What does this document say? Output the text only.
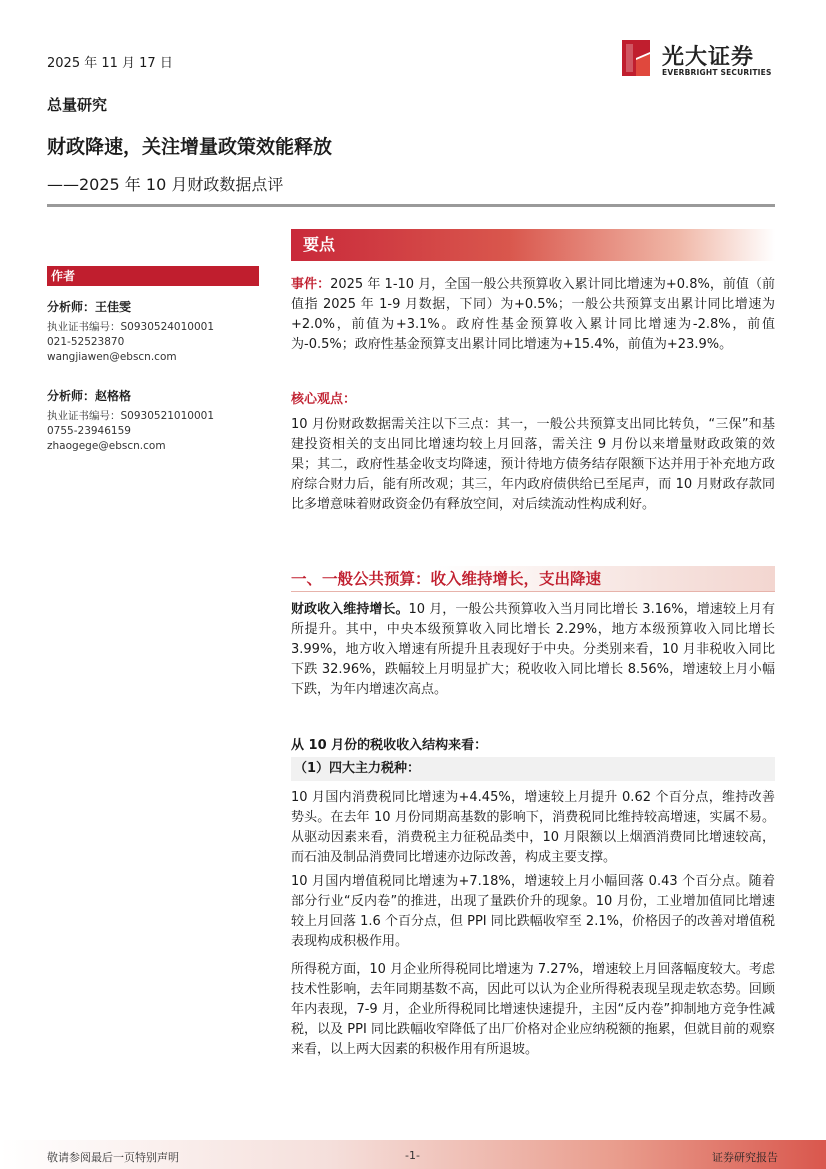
2025 年 11 月 17 日	光大证券
EVERBRIGHT SECURITIES
总量研究
财政降速，关注增量政策效能释放
——2025 年 10 月财政数据点评
作者
分析师：王佳雯
执业证书编号：S0930524010001
021-52523870
wangjiawen@ebscn.com
分析师：赵格格
执业证书编号：S0930521010001
0755-23946159
zhaogege@ebscn.com
要点
事件：2025 年 1-10 月，全国一般公共预算收入累计同比增速为+0.8%，前值（前值指 2025 年 1-9 月数据，下同）为+0.5%；一般公共预算支出累计同比增速为+2.0%，前值为+3.1%。政府性基金预算收入累计同比增速为-2.8%，前值为-0.5%；政府性基金预算支出累计同比增速为+15.4%，前值为+23.9%。
核心观点：
10 月份财政数据需关注以下三点：其一，一般公共预算支出同比转负，“三保”和基建投资相关的支出同比增速均较上月回落，需关注 9 月份以来增量财政政策的效果；其二，政府性基金收支均降速，预计待地方债务结存限额下达并用于补充地方政府综合财力后，能有所改观；其三，年内政府债供给已至尾声，而 10 月财政存款同比多增意味着财政资金仍有释放空间，对后续流动性构成利好。
一、一般公共预算：收入维持增长，支出降速
财政收入维持增长。10 月，一般公共预算收入当月同比增长 3.16%，增速较上月有所提升。其中，中央本级预算收入同比增长 2.29%，地方本级预算收入同比增长 3.99%，地方收入增速有所提升且表现好于中央。分类别来看，10 月非税收入同比下跌 32.96%，跌幅较上月明显扩大；税收收入同比增长 8.56%，增速较上月小幅下跌，为年内增速次高点。
从 10 月份的税收收入结构来看：
（1）四大主力税种：
10 月国内消费税同比增速为+4.45%，增速较上月提升 0.62 个百分点，维持改善势头。在去年 10 月份同期高基数的影响下，消费税同比维持较高增速，实属不易。从驱动因素来看，消费税主力征税品类中，10 月限额以上烟酒消费同比增速较高，而石油及制品消费同比增速亦边际改善，构成主要支撑。
10 月国内增值税同比增速为+7.18%，增速较上月小幅回落 0.43 个百分点。随着部分行业“反内卷”的推进，出现了量跌价升的现象。10 月份，工业增加值同比增速较上月回落 1.6 个百分点，但 PPI 同比跌幅收窄至 2.1%，价格因子的改善对增值税表现构成积极作用。
所得税方面，10 月企业所得税同比增速为 7.27%，增速较上月回落幅度较大。考虑技术性影响，去年同期基数不高，因此可以认为企业所得税表现呈现走软态势。回顾年内表现，7-9 月，企业所得税同比增速快速提升，主因“反内卷”抑制地方竞争性减税，以及 PPI 同比跌幅收窄降低了出厂价格对企业应纳税额的拖累，但就目前的观察来看，以上两大因素的积极作用有所退坡。
敬请参阅最后一页特别声明	-1-	证券研究报告
